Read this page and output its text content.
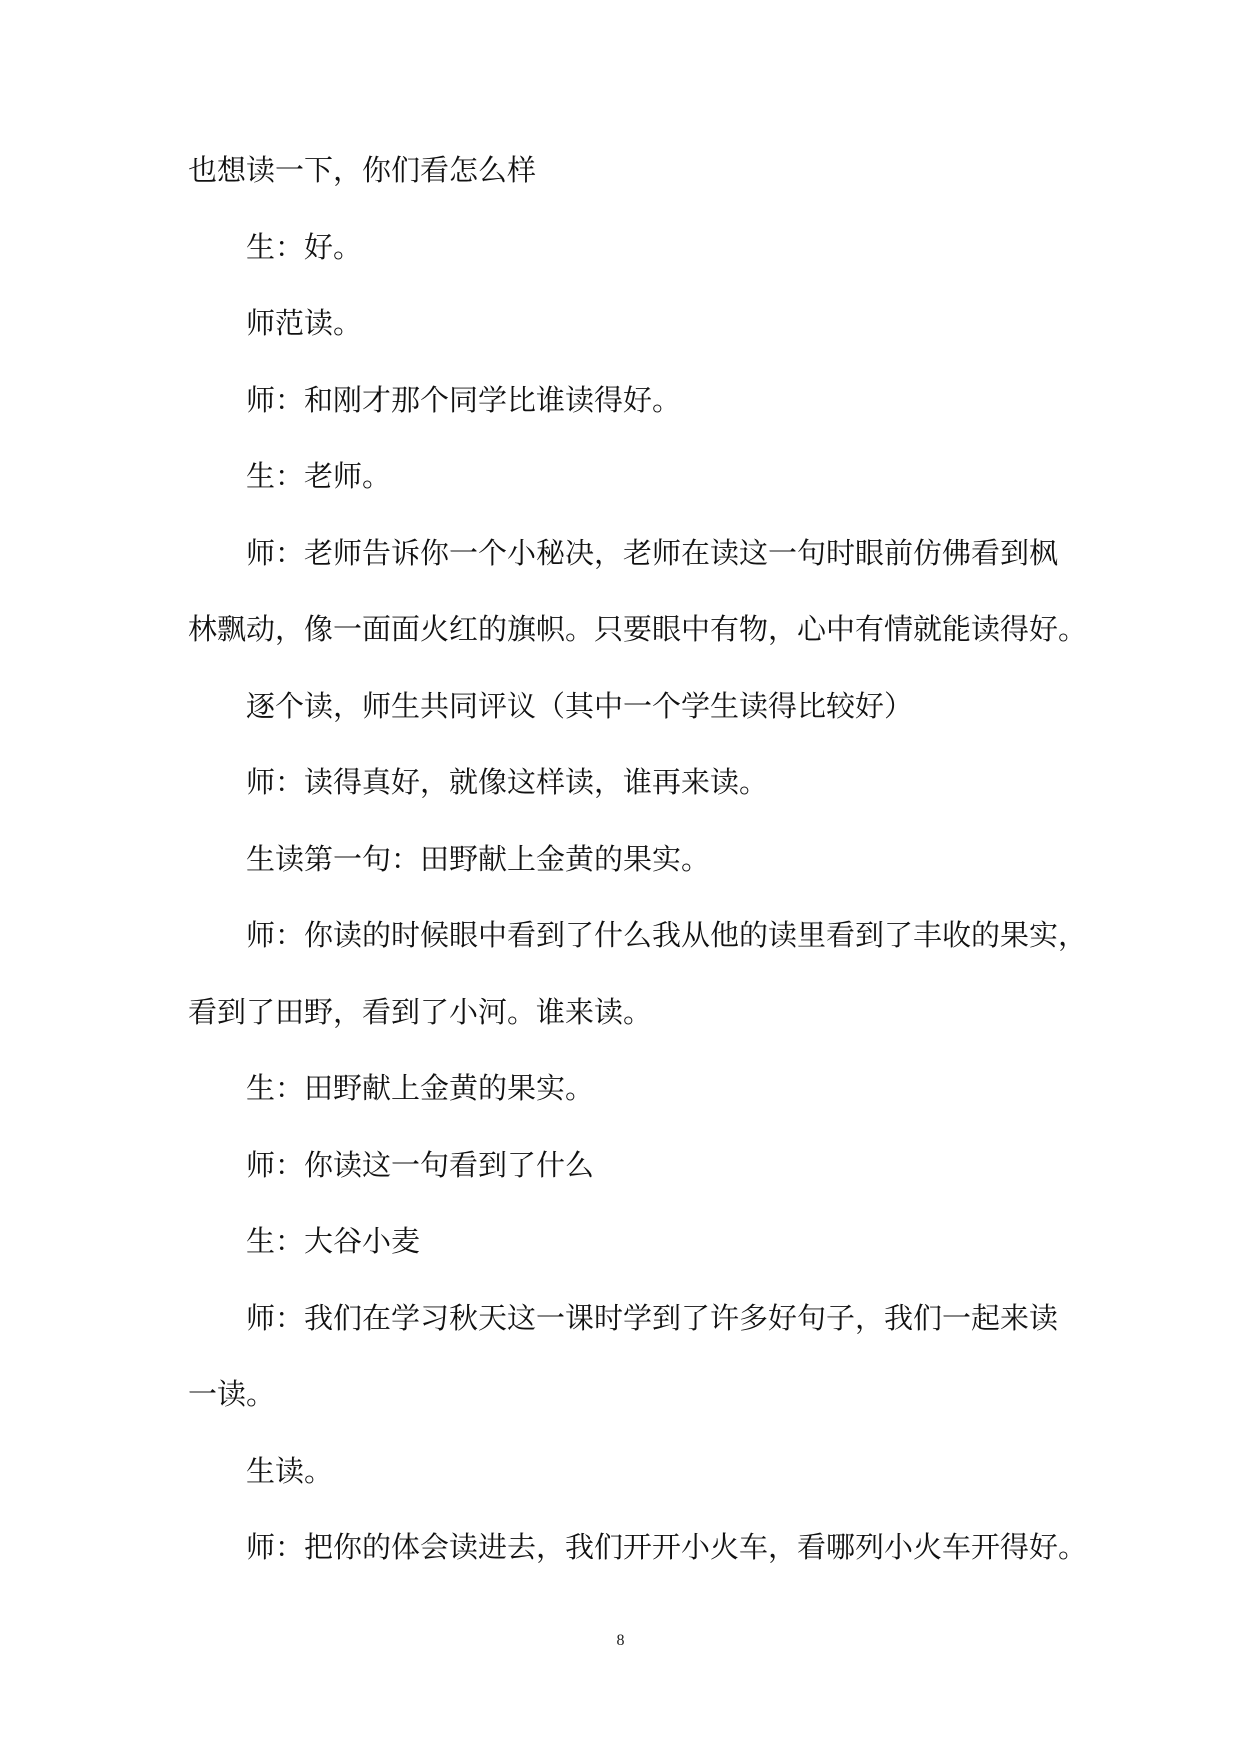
也想读一下，你们看怎么样
生：好。
师范读。
师：和刚才那个同学比谁读得好。
生：老师。
师：老师告诉你一个小秘决，老师在读这一句时眼前仿佛看到枫
林飘动，像一面面火红的旗帜。只要眼中有物，心中有情就能读得好。
逐个读，师生共同评议（其中一个学生读得比较好）
师：读得真好，就像这样读，谁再来读。
生读第一句：田野献上金黄的果实。
师：你读的时候眼中看到了什么我从他的读里看到了丰收的果实，
看到了田野，看到了小河。谁来读。
生：田野献上金黄的果实。
师：你读这一句看到了什么
生：大谷小麦
师：我们在学习秋天这一课时学到了许多好句子，我们一起来读
一读。
生读。
师：把你的体会读进去，我们开开小火车，看哪列小火车开得好。
8
